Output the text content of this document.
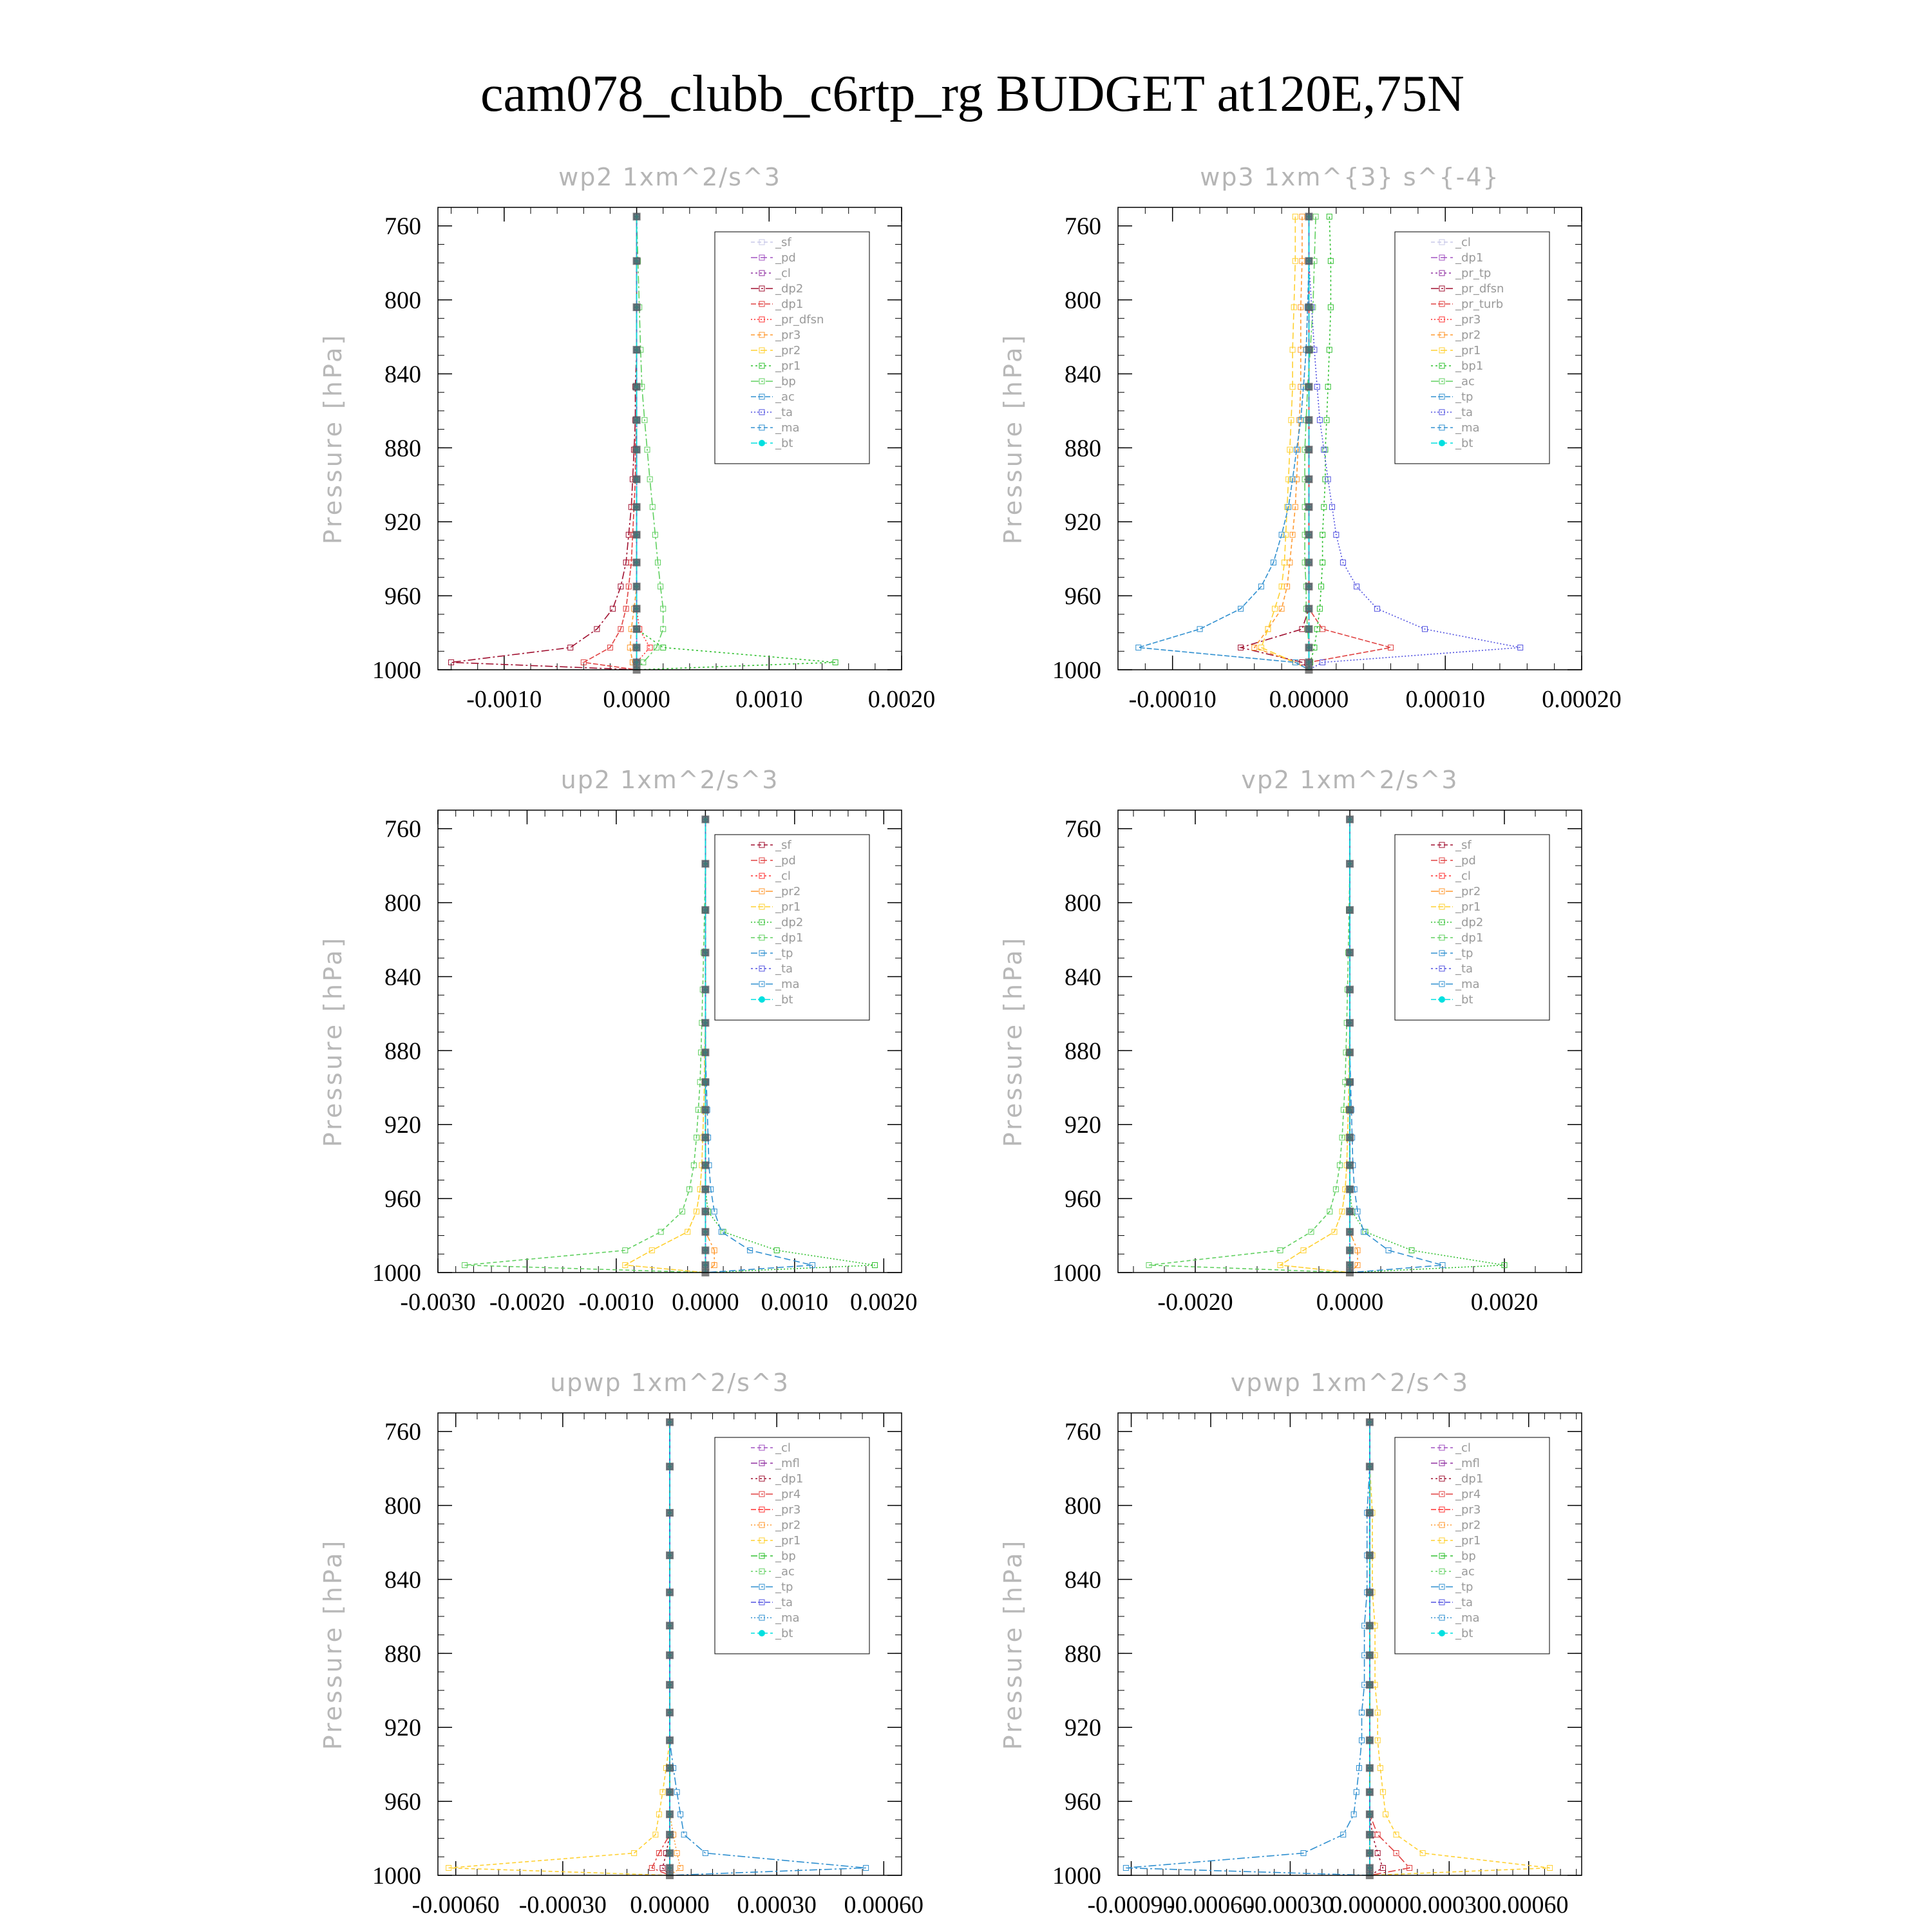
cam078_clubb_c6rtp_rg BUDGET at120E,75N
wp2 1xm^2/s^3
Pressure [hPa]
760
800
840
880
920
960
1000
-0.0010 0.0000	0.0010	0.0020
_sf
_pd
_cl
_dp2
_dp1
_pr_dfsn
_pr3
_pr2
_pr1
_bp
_ac
_ta
_ma
_bt
wp3 1xm^{3} s^{-4}
Pressure [hPa]
760
800
840
880
920
960
1000
-0.00010 0.00000 0.00010 0.00020
_cl
_dp1
_pr_tp
_pr_dfsn
_pr_turb
_pr3
_pr2
_pr1
_bp1
_ac
_tp
_ta
_ma
_bt
up2 1xm^2/s^3
Pressure [hPa]
760
800
840
880
920
960
1000
-0.0030 -0.0020 -0.0010 0.0000 0.0010 0.0020
_sf
_pd
_cl
_pr2
_pr1
_dp2
_dp1
_tp
_ta
_ma
_bt
vp2 1xm^2/s^3
Pressure [hPa]
760
800
840
880
920
960
1000
-0.0020	0.0000	0.0020
_sf
_pd
_cl
_pr2
_pr1
_dp2
_dp1
_tp
_ta
_ma
_bt
upwp 1xm^2/s^3
Pressure [hPa]
760
800
840
880
920
960
1000
-0.00060 -0.00030 0.00000 0.00030 0.00060
_cl
_mfl
_dp1
_pr4
_pr3
_pr2
_pr1
_bp
_ac
_tp
_ta
_ma
_bt
vpwp 1xm^2/s^3
Pressure [hPa]
760
800
840
880
920
960
1000
-0.00090
-0.00060
-0.00030
0.00000 0.00030 0.00060
_cl
_mfl
_dp1
_pr4
_pr3
_pr2
_pr1
_bp
_ac
_tp
_ta
_ma
_bt
